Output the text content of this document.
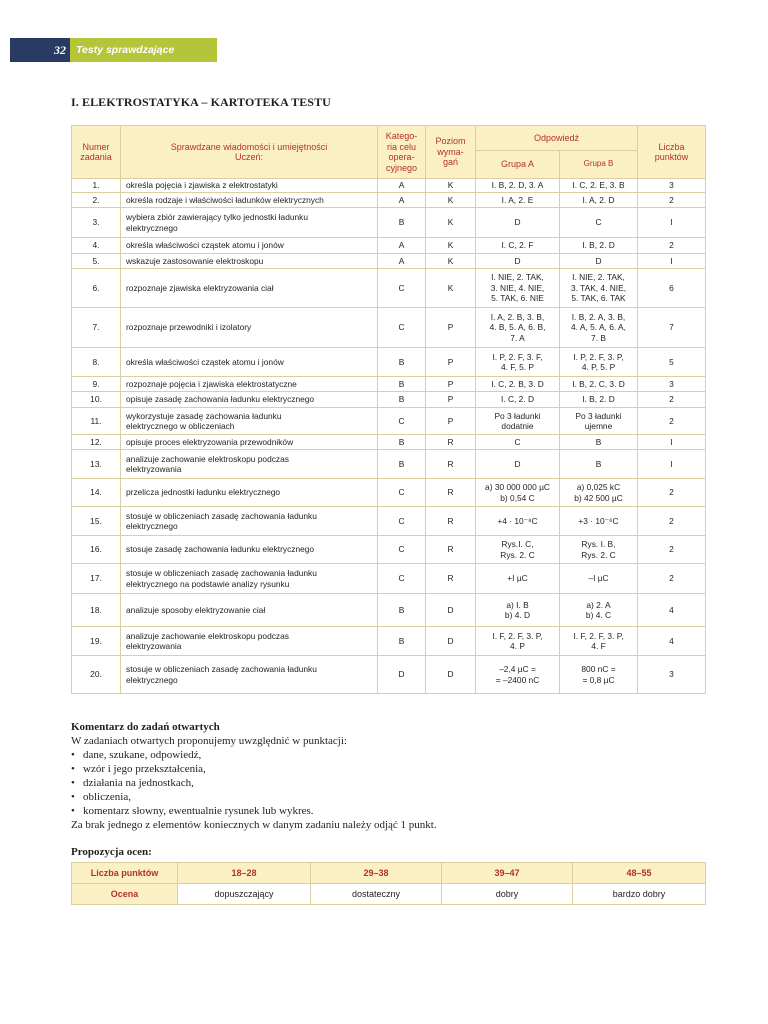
32 Testy sprawdzające
I. ELEKTROSTATYKA – KARTOTEKA TESTU
Numer
zadania	Sprawdzane wiadomości i umiejętności
Uczeń:	Katego-
ria celu
opera-
cyjnego	Poziom
wyma-
gań	Odpowiedź		Liczba
punktów
				Grupa A	Grupa B	
1.	określa pojęcia i zjawiska z elektrostatyki	A	K	I. B, 2. D, 3. A	I. C, 2. E, 3. B	3
2.	określa rodzaje i właściwości ładunków elektrycznych	A	K	I. A, 2. E	I. A, 2. D	2
3.	wybiera zbiór zawierający tylko jednostki ładunku
elektrycznego	B	K	D	C	I
4.	określa właściwości cząstek atomu i jonów	A	K	I. C, 2. F	I. B, 2. D	2
5.	wskazuje zastosowanie elektroskopu	A	K	D	D	I
6.	rozpoznaje zjawiska elektryzowania ciał	C	K	I. NIE, 2. TAK,
3. NIE, 4. NIE,
5. TAK, 6. NIE	I. NIE, 2. TAK,
3. TAK, 4. NIE,
5. TAK, 6. TAK	6
7.	rozpoznaje przewodniki i izolatory	C	P	I. A, 2. B, 3. B,
4. B, 5. A, 6. B,
7. A	I. B, 2. A, 3. B,
4. A, 5. A, 6. A,
7. B	7
8.	określa właściwości cząstek atomu i jonów	B	P	I. P, 2. F, 3. F,
4. F, 5. P	I. P, 2. F, 3. P,
4. P, 5. P	5
9.	rozpoznaje pojęcia i zjawiska elektrostatyczne	B	P	I. C, 2. B, 3. D	I. B, 2. C, 3. D	3
10.	opisuje zasadę zachowania ładunku elektrycznego	B	P	I. C, 2. D	I. B, 2. D	2
11.	wykorzystuje zasadę zachowania ładunku
elektrycznego w obliczeniach	C	P	Po 3 ładunki
dodatnie	Po 3 ładunki
ujemne	2
12.	opisuje proces elektryzowania przewodników	B	R	C	B	I
13.	analizuje zachowanie elektroskopu podczas
elektryzowania	B	R	D	B	I
14.	przelicza jednostki ładunku elektrycznego	C	R	a) 30 000 000 µC
b) 0,54 C	a) 0,025 kC
b) 42 500 µC	2
15.	stosuje w obliczeniach zasadę zachowania ładunku
elektrycznego	C	R	+4 · 10⁻⁸C	+3 · 10⁻⁶C	2
16.	stosuje zasadę zachowania ładunku elektrycznego	C	R	Rys.I. C,
Rys. 2. C	Rys. I. B,
Rys. 2. C	2
17.	stosuje w obliczeniach zasadę zachowania ładunku
elektrycznego na podstawie analizy rysunku	C	R	+I µC	–I µC	2
18.	analizuje sposoby elektryzowanie ciał	B	D	a) I. B
b) 4. D	a) 2. A
b) 4. C	4
19.	analizuje zachowanie elektroskopu podczas
elektryzowania	B	D	I. F, 2. F, 3. P,
4. P	I. F, 2. F, 3. P,
4. F	4
20.	stosuje w obliczeniach zasadę zachowania ładunku
elektrycznego	D	D	–2,4 µC =
= –2400 nC	800 nC =
= 0,8 µC	3
Komentarz do zadań otwartych
W zadaniach otwartych proponujemy uwzględnić w punktacji:
• dane, szukane, odpowiedź,
• wzór i jego przekształcenia,
• działania na jednostkach,
• obliczenia,
• komentarz słowny, ewentualnie rysunek lub wykres.
Za brak jednego z elementów koniecznych w danym zadaniu należy odjąć 1 punkt.
Propozycja ocen:
Liczba punktów	18–28	29–38	39–47	48–55
Ocena	dopuszczający	dostateczny	dobry	bardzo dobry
